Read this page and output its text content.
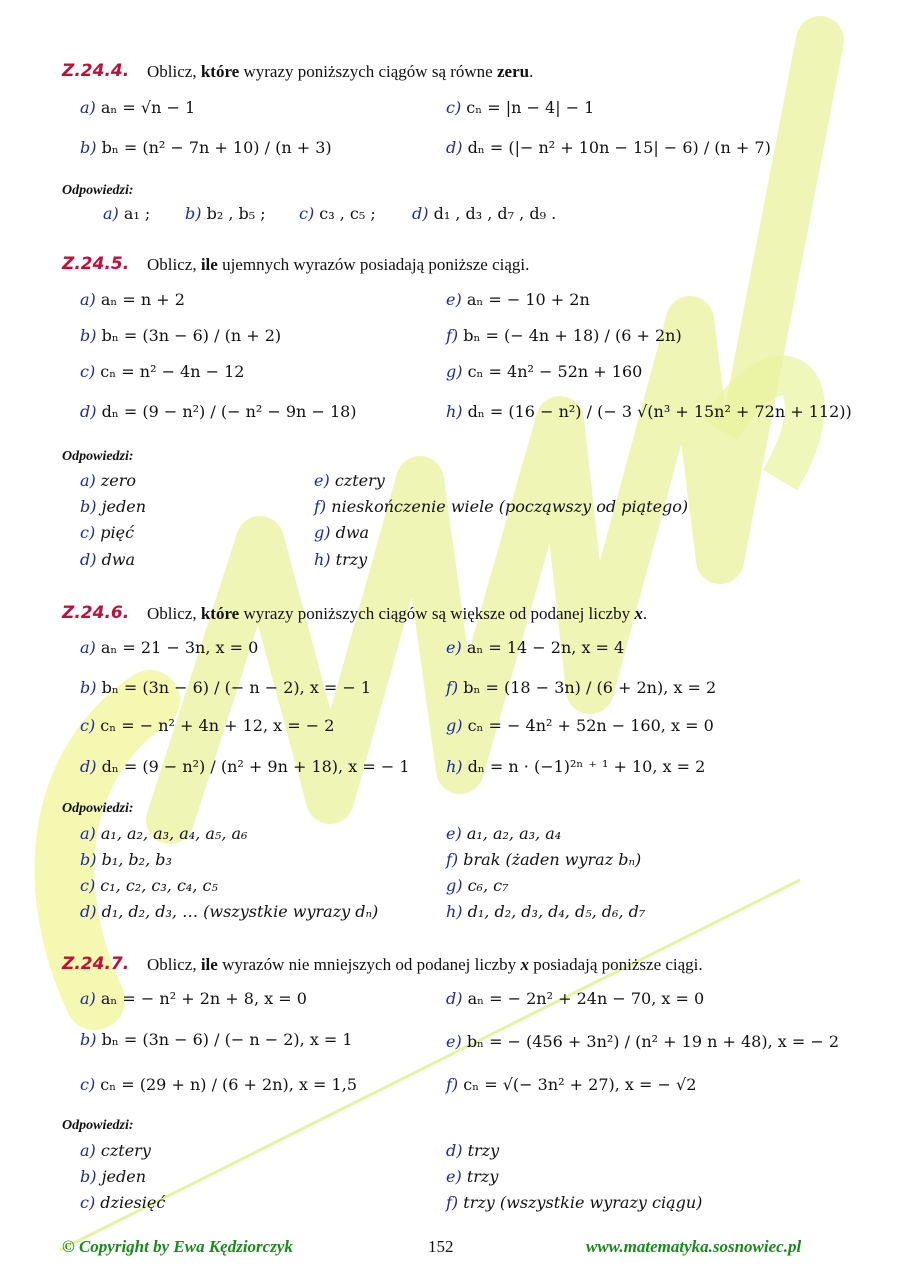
CWWWc
Z.24.4. Oblicz, które wyrazy poniższych ciągów są równe zeru.
a) aₙ = √n − 1
b) bₙ = (n² − 7n + 10) / (n + 3)
c) cₙ = |n − 4| − 1
d) dₙ = (|− n² + 10n − 15| − 6) / (n + 7)
Odpowiedzi:
a) a₁ ; b) b₂ , b₅ ; c) c₃ , c₅ ; d) d₁ , d₃ , d₇ , d₉ .
Z.24.5. Oblicz, ile ujemnych wyrazów posiadają poniższe ciągi.
a) aₙ = n + 2
b) bₙ = (3n − 6) / (n + 2)
c) cₙ = n² − 4n − 12
d) dₙ = (9 − n²) / (− n² − 9n − 18)
e) aₙ = − 10 + 2n
f) bₙ = (− 4n + 18) / (6 + 2n)
g) cₙ = 4n² − 52n + 160
h) dₙ = (16 − n²) / (− 3 √(n³ + 15n² + 72n + 112))
Odpowiedzi:
a) zero
b) jeden
c) pięć
d) dwa
e) cztery
f) nieskończenie wiele (począwszy od piątego)
g) dwa
h) trzy
Z.24.6. Oblicz, które wyrazy poniższych ciągów są większe od podanej liczby x.
a) aₙ = 21 − 3n, x = 0
b) bₙ = (3n − 6) / (− n − 2), x = − 1
c) cₙ = − n² + 4n + 12, x = − 2
d) dₙ = (9 − n²) / (n² + 9n + 18), x = − 1
e) aₙ = 14 − 2n, x = 4
f) bₙ = (18 − 3n) / (6 + 2n), x = 2
g) cₙ = − 4n² + 52n − 160, x = 0
h) dₙ = n · (−1)²ⁿ ⁺ ¹ + 10, x = 2
Odpowiedzi:
a) a₁, a₂, a₃, a₄, a₅, a₆
b) b₁, b₂, b₃
c) c₁, c₂, c₃, c₄, c₅
d) d₁, d₂, d₃, … (wszystkie wyrazy dₙ)
e) a₁, a₂, a₃, a₄
f) brak (żaden wyraz bₙ)
g) c₆, c₇
h) d₁, d₂, d₃, d₄, d₅, d₆, d₇
Z.24.7. Oblicz, ile wyrazów nie mniejszych od podanej liczby x posiadają poniższe ciągi.
a) aₙ = − n² + 2n + 8, x = 0
b) bₙ = (3n − 6) / (− n − 2), x = 1
c) cₙ = (29 + n) / (6 + 2n), x = 1,5
d) aₙ = − 2n² + 24n − 70, x = 0
e) bₙ = − (456 + 3n²) / (n² + 19 n + 48), x = − 2
f) cₙ = √(− 3n² + 27), x = − √2
Odpowiedzi:
a) cztery
b) jeden
c) dziesięć
d) trzy
e) trzy
f) trzy (wszystkie wyrazy ciągu)
© Copyright by Ewa Kędziorczyk	152	www.matematyka.sosnowiec.pl
